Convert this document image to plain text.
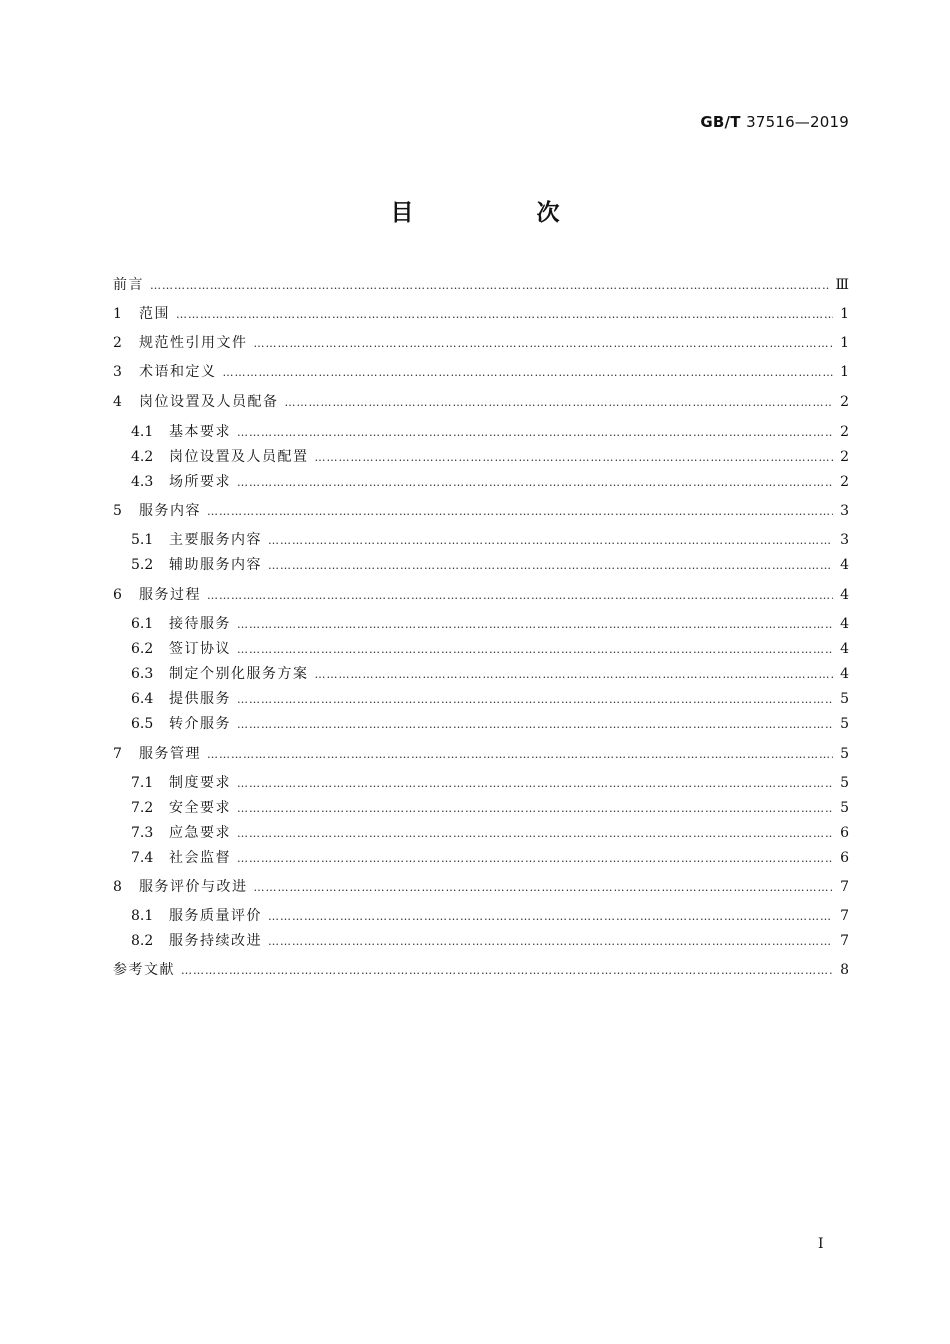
GB/T 37516—2019
目　次
前言 ………………………………………………………………………………………………………………………………………………………………………………………………………………………………………………	Ⅲ
1	范围 ………………………………………………………………………………………………………………………………………………………………………………………………………………………………………………	1
2	规范性引用文件 ………………………………………………………………………………………………………………………………………………………………………………………………………………………………………………	1
3	术语和定义 ………………………………………………………………………………………………………………………………………………………………………………………………………………………………………………	1
4	岗位设置及人员配备 ………………………………………………………………………………………………………………………………………………………………………………………………………………………………………………	2
4.1	基本要求 ………………………………………………………………………………………………………………………………………………………………………………………………………………………………………………	2
4.2	岗位设置及人员配置 ………………………………………………………………………………………………………………………………………………………………………………………………………………………………………………	2
4.3	场所要求 ………………………………………………………………………………………………………………………………………………………………………………………………………………………………………………	2
5	服务内容 ………………………………………………………………………………………………………………………………………………………………………………………………………………………………………………	3
5.1	主要服务内容 ………………………………………………………………………………………………………………………………………………………………………………………………………………………………………………	3
5.2	辅助服务内容 ………………………………………………………………………………………………………………………………………………………………………………………………………………………………………………	4
6	服务过程 ………………………………………………………………………………………………………………………………………………………………………………………………………………………………………………	4
6.1	接待服务 ………………………………………………………………………………………………………………………………………………………………………………………………………………………………………………	4
6.2	签订协议 ………………………………………………………………………………………………………………………………………………………………………………………………………………………………………………	4
6.3	制定个别化服务方案 ………………………………………………………………………………………………………………………………………………………………………………………………………………………………………………	4
6.4	提供服务 ………………………………………………………………………………………………………………………………………………………………………………………………………………………………………………	5
6.5	转介服务 ………………………………………………………………………………………………………………………………………………………………………………………………………………………………………………	5
7	服务管理 ………………………………………………………………………………………………………………………………………………………………………………………………………………………………………………	5
7.1	制度要求 ………………………………………………………………………………………………………………………………………………………………………………………………………………………………………………	5
7.2	安全要求 ………………………………………………………………………………………………………………………………………………………………………………………………………………………………………………	5
7.3	应急要求 ………………………………………………………………………………………………………………………………………………………………………………………………………………………………………………	6
7.4	社会监督 ………………………………………………………………………………………………………………………………………………………………………………………………………………………………………………	6
8	服务评价与改进 ………………………………………………………………………………………………………………………………………………………………………………………………………………………………………………	7
8.1	服务质量评价 ………………………………………………………………………………………………………………………………………………………………………………………………………………………………………………	7
8.2	服务持续改进 ………………………………………………………………………………………………………………………………………………………………………………………………………………………………………………	7
参考文献 ………………………………………………………………………………………………………………………………………………………………………………………………………………………………………………	8
I
